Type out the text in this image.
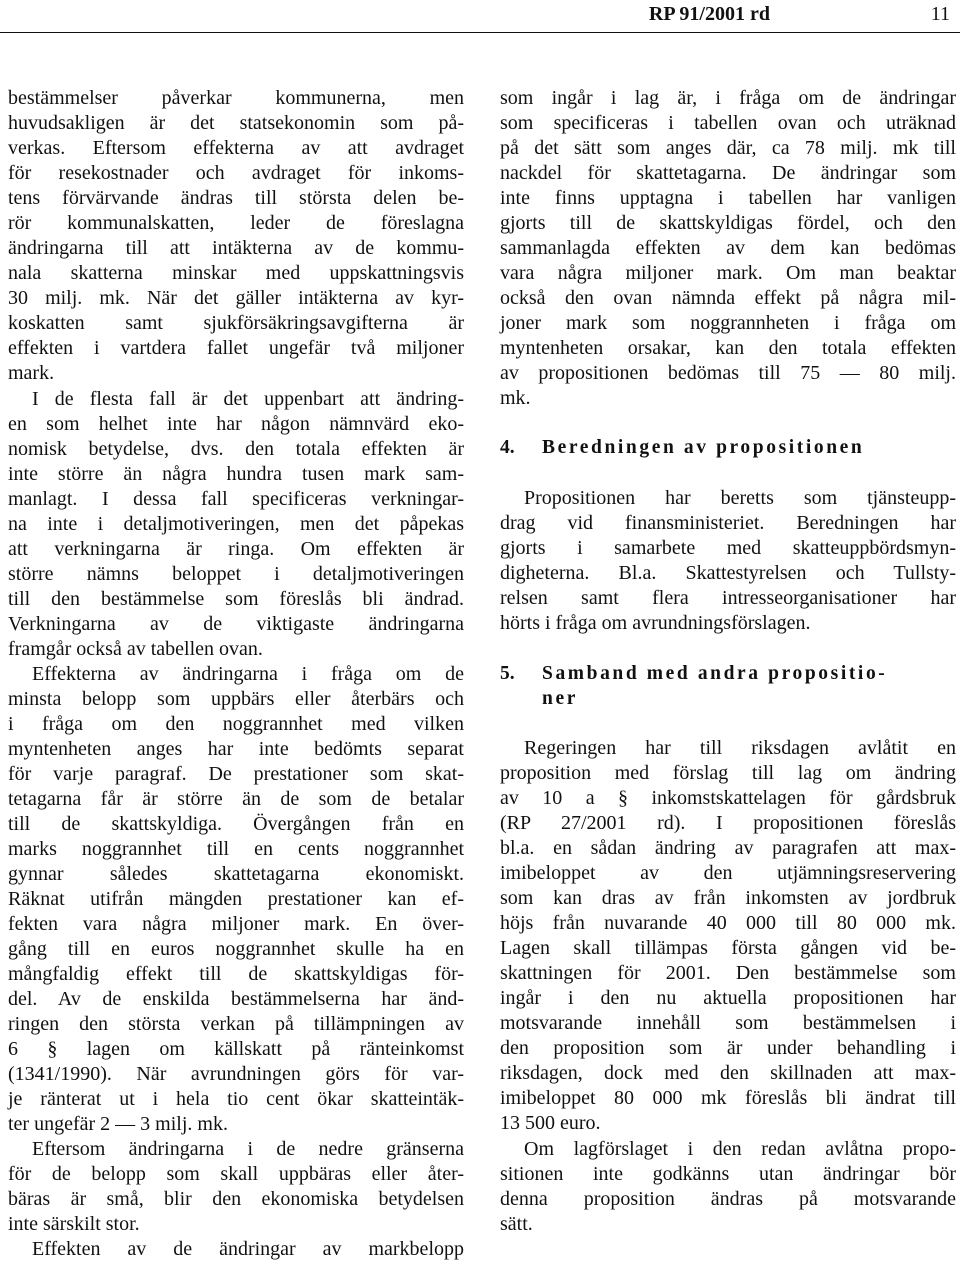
RP 91/2001 rd	11
bestämmelser påverkar kommunerna, men
huvudsakligen är det statsekonomin som på-
verkas. Eftersom effekterna av att avdraget
för resekostnader och avdraget för inkoms-
tens förvärvande ändras till största delen be-
rör kommunalskatten, leder de föreslagna
ändringarna till att intäkterna av de kommu-
nala skatterna minskar med uppskattningsvis
30 milj. mk. När det gäller intäkterna av kyr-
koskatten samt sjukförsäkringsavgifterna är
effekten i vartdera fallet ungefär två miljoner
mark.
I de flesta fall är det uppenbart att ändring-
en som helhet inte har någon nämnvärd eko-
nomisk betydelse, dvs. den totala effekten är
inte större än några hundra tusen mark sam-
manlagt. I dessa fall specificeras verkningar-
na inte i detaljmotiveringen, men det påpekas
att verkningarna är ringa. Om effekten är
större nämns beloppet i detaljmotiveringen
till den bestämmelse som föreslås bli ändrad.
Verkningarna av de viktigaste ändringarna
framgår också av tabellen ovan.
Effekterna av ändringarna i fråga om de
minsta belopp som uppbärs eller återbärs och
i fråga om den noggrannhet med vilken
myntenheten anges har inte bedömts separat
för varje paragraf. De prestationer som skat-
tetagarna får är större än de som de betalar
till de skattskyldiga. Övergången från en
marks noggrannhet till en cents noggrannhet
gynnar således skattetagarna ekonomiskt.
Räknat utifrån mängden prestationer kan ef-
fekten vara några miljoner mark. En över-
gång till en euros noggrannhet skulle ha en
mångfaldig effekt till de skattskyldigas för-
del. Av de enskilda bestämmelserna har änd-
ringen den största verkan på tillämpningen av
6 § lagen om källskatt på ränteinkomst
(1341/1990). När avrundningen görs för var-
je ränterat ut i hela tio cent ökar skatteintäk-
ter ungefär 2 — 3 milj. mk.
Eftersom ändringarna i de nedre gränserna
för de belopp som skall uppbäras eller åter-
bäras är små, blir den ekonomiska betydelsen
inte särskilt stor.
Effekten av de ändringar av markbelopp
som ingår i lag är, i fråga om de ändringar
som specificeras i tabellen ovan och uträknad
på det sätt som anges där, ca 78 milj. mk till
nackdel för skattetagarna. De ändringar som
inte finns upptagna i tabellen har vanligen
gjorts till de skattskyldigas fördel, och den
sammanlagda effekten av dem kan bedömas
vara några miljoner mark. Om man beaktar
också den ovan nämnda effekt på några mil-
joner mark som noggrannheten i fråga om
myntenheten orsakar, kan den totala effekten
av propositionen bedömas till 75 — 80 milj.
mk.
4. Beredningen av propositionen
Propositionen har beretts som tjänsteupp-
drag vid finansministeriet. Beredningen har
gjorts i samarbete med skatteuppbördsmyn-
digheterna. Bl.a. Skattestyrelsen och Tullsty-
relsen samt flera intresseorganisationer har
hörts i fråga om avrundningsförslagen.
5. Samband med andra propositio-
ner
Regeringen har till riksdagen avlåtit en
proposition med förslag till lag om ändring
av 10 a § inkomstskattelagen för gårdsbruk
(RP 27/2001 rd). I propositionen föreslås
bl.a. en sådan ändring av paragrafen att max-
imibeloppet av den utjämningsreservering
som kan dras av från inkomsten av jordbruk
höjs från nuvarande 40 000 till 80 000 mk.
Lagen skall tillämpas första gången vid be-
skattningen för 2001. Den bestämmelse som
ingår i den nu aktuella propositionen har
motsvarande innehåll som bestämmelsen i
den proposition som är under behandling i
riksdagen, dock med den skillnaden att max-
imibeloppet 80 000 mk föreslås bli ändrat till
13 500 euro.
Om lagförslaget i den redan avlåtna propo-
sitionen inte godkänns utan ändringar bör
denna proposition ändras på motsvarande
sätt.
